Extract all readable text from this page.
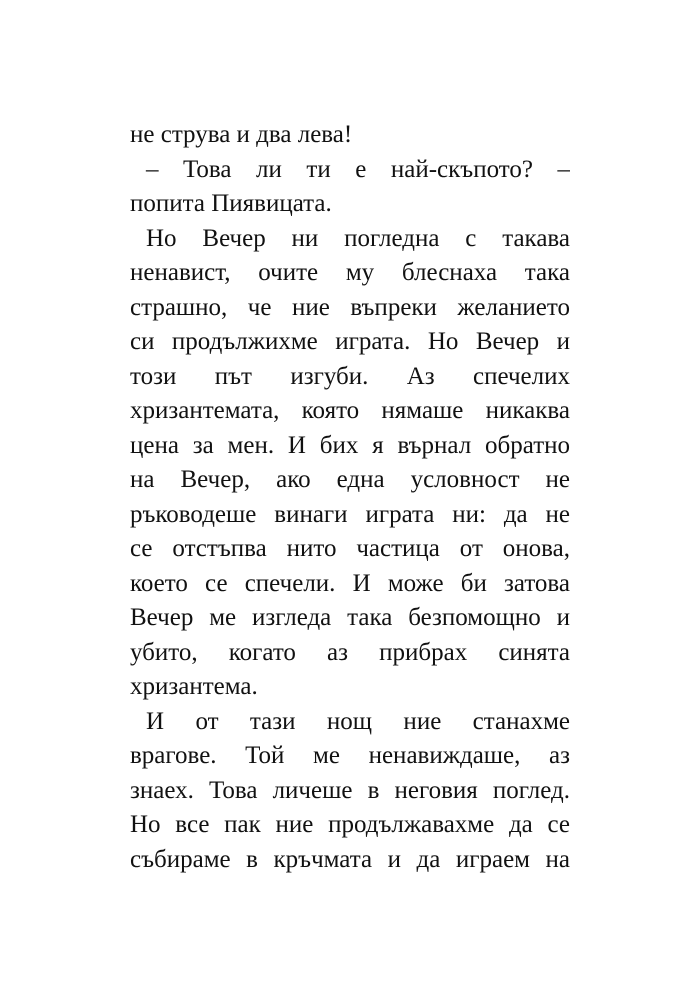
не струва и два лева!
– Това ли ти е най-скъпото? –
попита Пиявицата.
Но Вечер ни погледна с такава
ненавист, очите му блеснаха така
страшно, че ние въпреки желанието
си продължихме играта. Но Вечер и
този път изгуби. Аз спечелих
хризантемата, която нямаше никаква
цена за мен. И бих я върнал обратно
на Вечер, ако една условност не
ръководеше винаги играта ни: да не
се отстъпва нито частица от онова,
което се спечели. И може би затова
Вечер ме изгледа така безпомощно и
убито, когато аз прибрах синята
хризантема.
И от тази нощ ние станахме
врагове. Той ме ненавиждаше, аз
знаех. Това личеше в неговия поглед.
Но все пак ние продължавахме да се
събираме в кръчмата и да играем на
